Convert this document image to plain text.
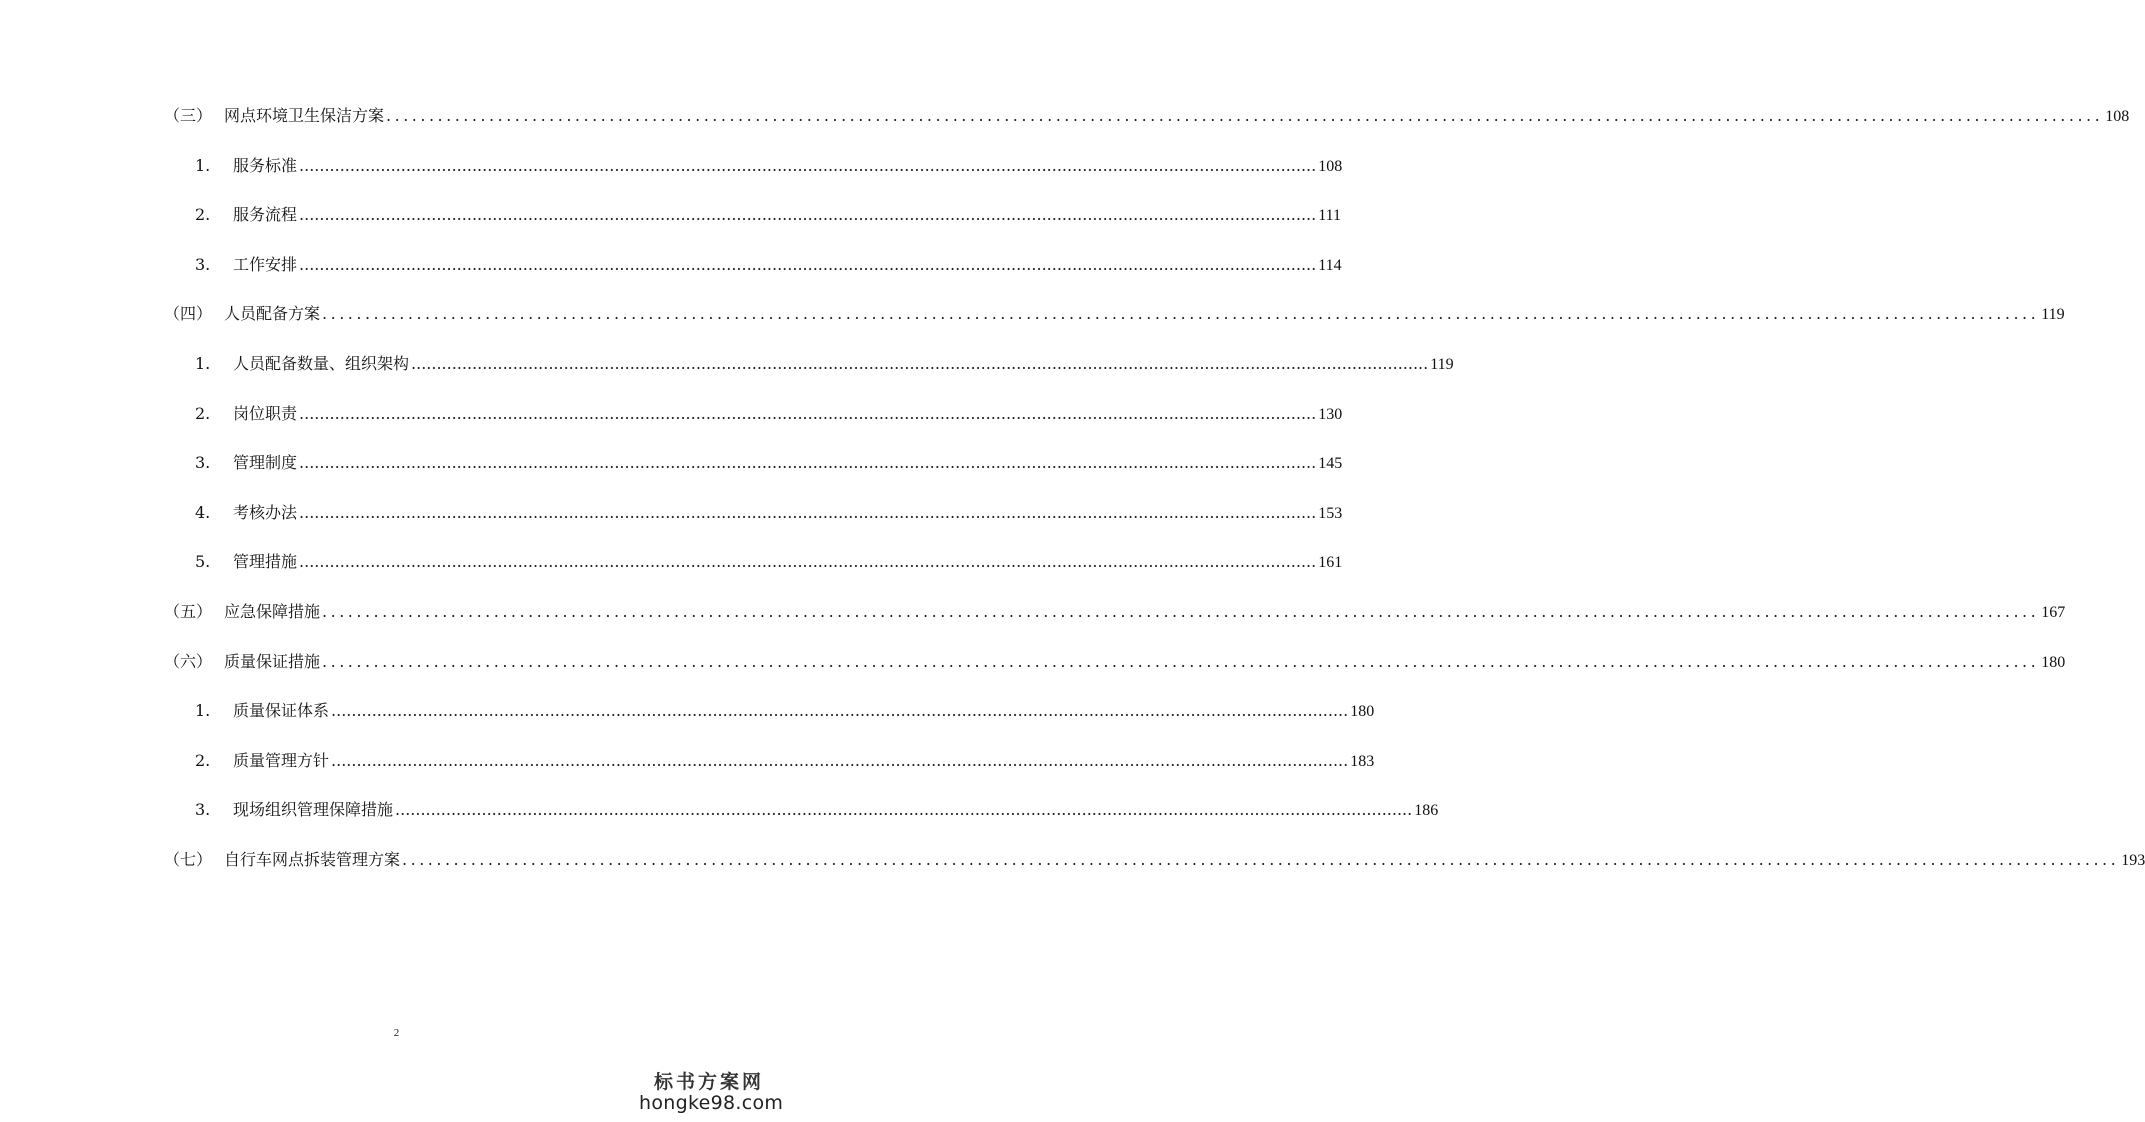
（三） 网点环境卫生保洁方案 ........................................................................................................................................................................................................ 108
1.	服务标准 ........................................................................................................................................................................................................ 108
2.	服务流程 ........................................................................................................................................................................................................ 111
3.	工作安排 ........................................................................................................................................................................................................ 114
（四） 人员配备方案 ........................................................................................................................................................................................................ 119
1.	人员配备数量、组织架构 ........................................................................................................................................................................................................ 119
2.	岗位职责 ........................................................................................................................................................................................................ 130
3.	管理制度 ........................................................................................................................................................................................................ 145
4.	考核办法 ........................................................................................................................................................................................................ 153
5.	管理措施 ........................................................................................................................................................................................................ 161
（五） 应急保障措施 ........................................................................................................................................................................................................ 167
（六） 质量保证措施 ........................................................................................................................................................................................................ 180
1.	质量保证体系 ........................................................................................................................................................................................................ 180
2.	质量管理方针 ........................................................................................................................................................................................................ 183
3.	现场组织管理保障措施 ........................................................................................................................................................................................................ 186
（七） 自行车网点拆装管理方案 ........................................................................................................................................................................................................ 193
2
标书方案网
hongke98.com
